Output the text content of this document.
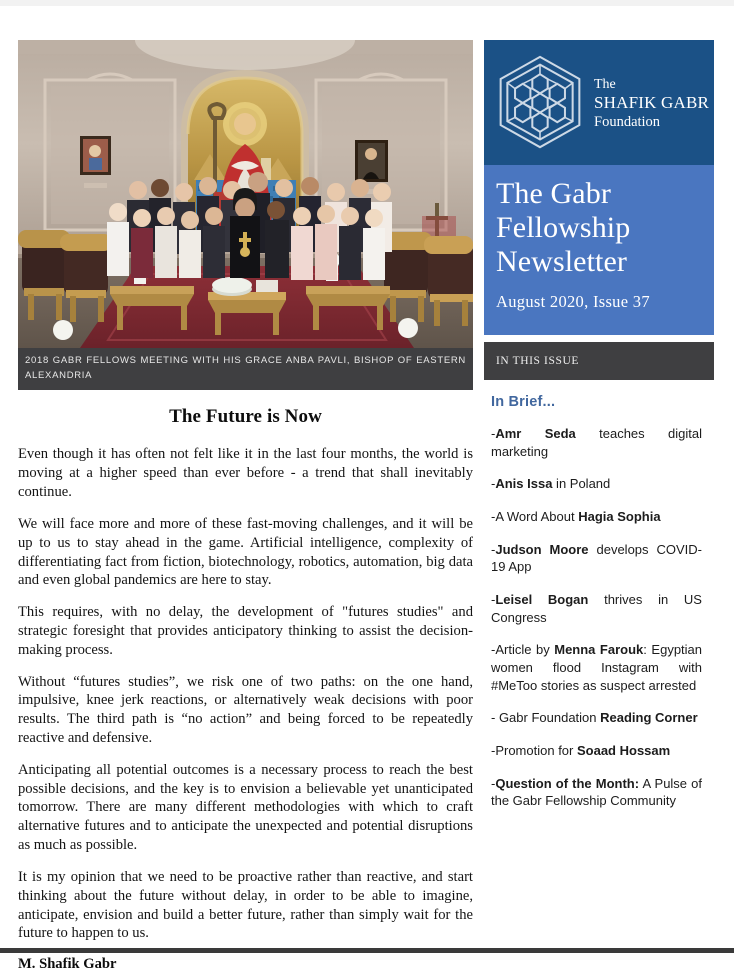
2018 GABR FELLOWS MEETING WITH HIS GRACE ANBA PAVLI, BISHOP OF EASTERN ALEXANDRIA
The Future is Now

Even though it has often not felt like it in the last four months, the world is moving at a higher speed than ever before - a trend that shall inevitably continue.

We will face more and more of these fast-moving challenges, and it will be up to us to stay ahead in the game. Artificial intelligence, complexity of differentiating fact from fiction, biotechnology, robotics, automation, big data and even global pandemics are here to stay.

This requires, with no delay, the development of "futures studies" and strategic foresight that provides anticipatory thinking to assist the decision-making process.

Without “futures studies”, we risk one of two paths: on the one hand, impulsive, knee jerk reactions, or alternatively weak decisions with poor results. The third path is “no action” and being forced to be repeatedly reactive and defensive.

Anticipating all potential outcomes is a necessary process to reach the best possible decisions, and the key is to envision a believable yet unanticipated tomorrow. There are many different methodologies with which to craft alternative futures and to anticipate the unexpected and potential disruptions as much as possible.

It is my opinion that we need to be proactive rather than reactive, and start thinking about the future without delay, in order to be able to imagine, anticipate, envision and build a better future, rather than simply wait for the future to happen to us.

M. Shafik Gabr
The
SHAFIK GABR
Foundation
The Gabr Fellowship Newsletter
August 2020, Issue 37
IN THIS ISSUE
In Brief...
-Amr Seda teaches digital marketing
-Anis Issa in Poland
-A Word About Hagia Sophia
-Judson Moore develops COVID-19 App
-Leisel Bogan thrives in US Congress
-Article by Menna Farouk: Egyptian women flood Instagram with #MeToo stories as suspect arrested
- Gabr Foundation Reading Corner
-Promotion for Soaad Hossam
-Question of the Month: A Pulse of the Gabr Fellowship Community
